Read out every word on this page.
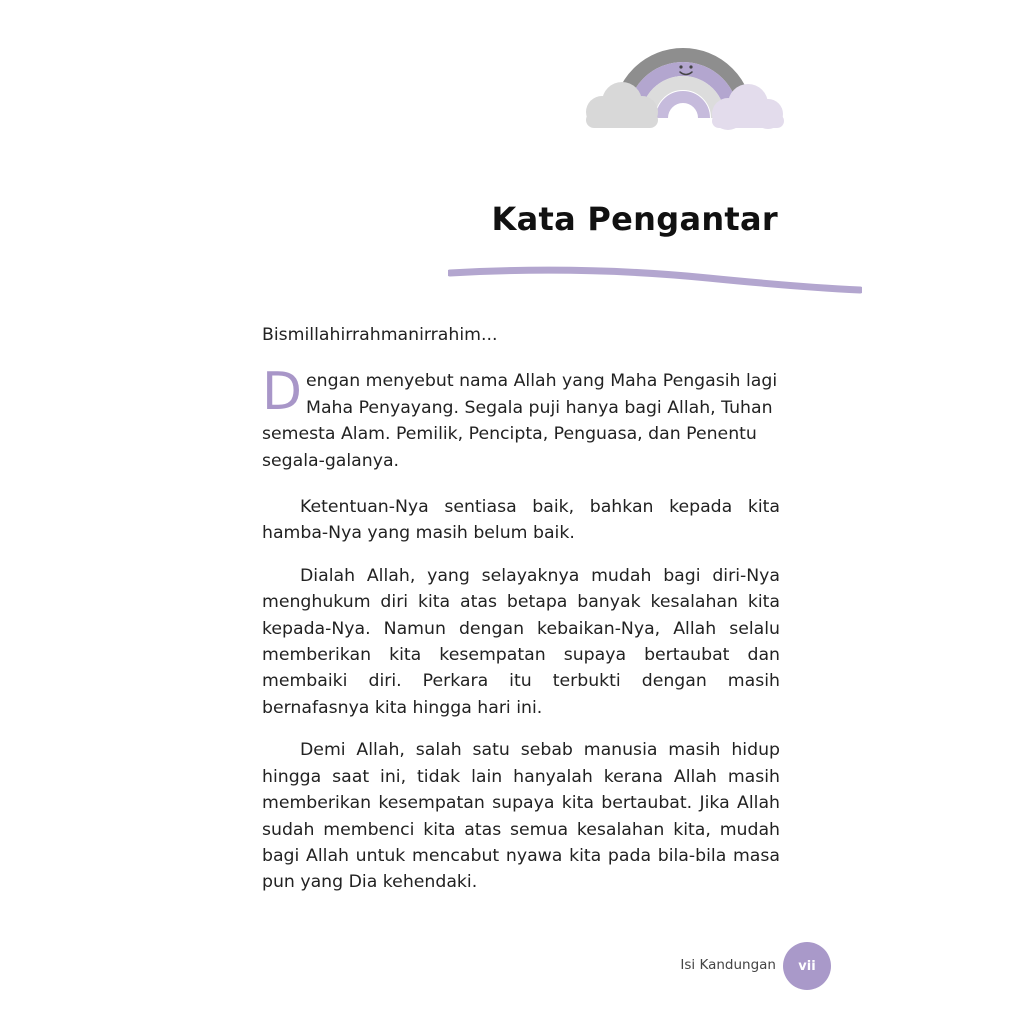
Kata Pengantar

Bismillahirrahmanirrahim...

Dengan menyebut nama Allah yang Maha Pengasih lagi Maha Penyayang. Segala puji hanya bagi Allah, Tuhan semesta Alam. Pemilik, Pencipta, Penguasa, dan Penentu segala-galanya.

Ketentuan-Nya sentiasa baik, bahkan kepada kita hamba-Nya yang masih belum baik.

Dialah Allah, yang selayaknya mudah bagi diri-Nya menghukum diri kita atas betapa banyak kesalahan kita kepada-Nya. Namun dengan kebaikan-Nya, Allah selalu memberikan kita kesempatan supaya bertaubat dan membaiki diri. Perkara itu terbukti dengan masih bernafasnya kita hingga hari ini.

Demi Allah, salah satu sebab manusia masih hidup hingga saat ini, tidak lain hanyalah kerana Allah masih memberikan kesempatan supaya kita bertaubat. Jika Allah sudah membenci kita atas semua kesalahan kita, mudah bagi Allah untuk mencabut nyawa kita pada bila-bila masa pun yang Dia kehendaki.

Isi Kandungan	vii
